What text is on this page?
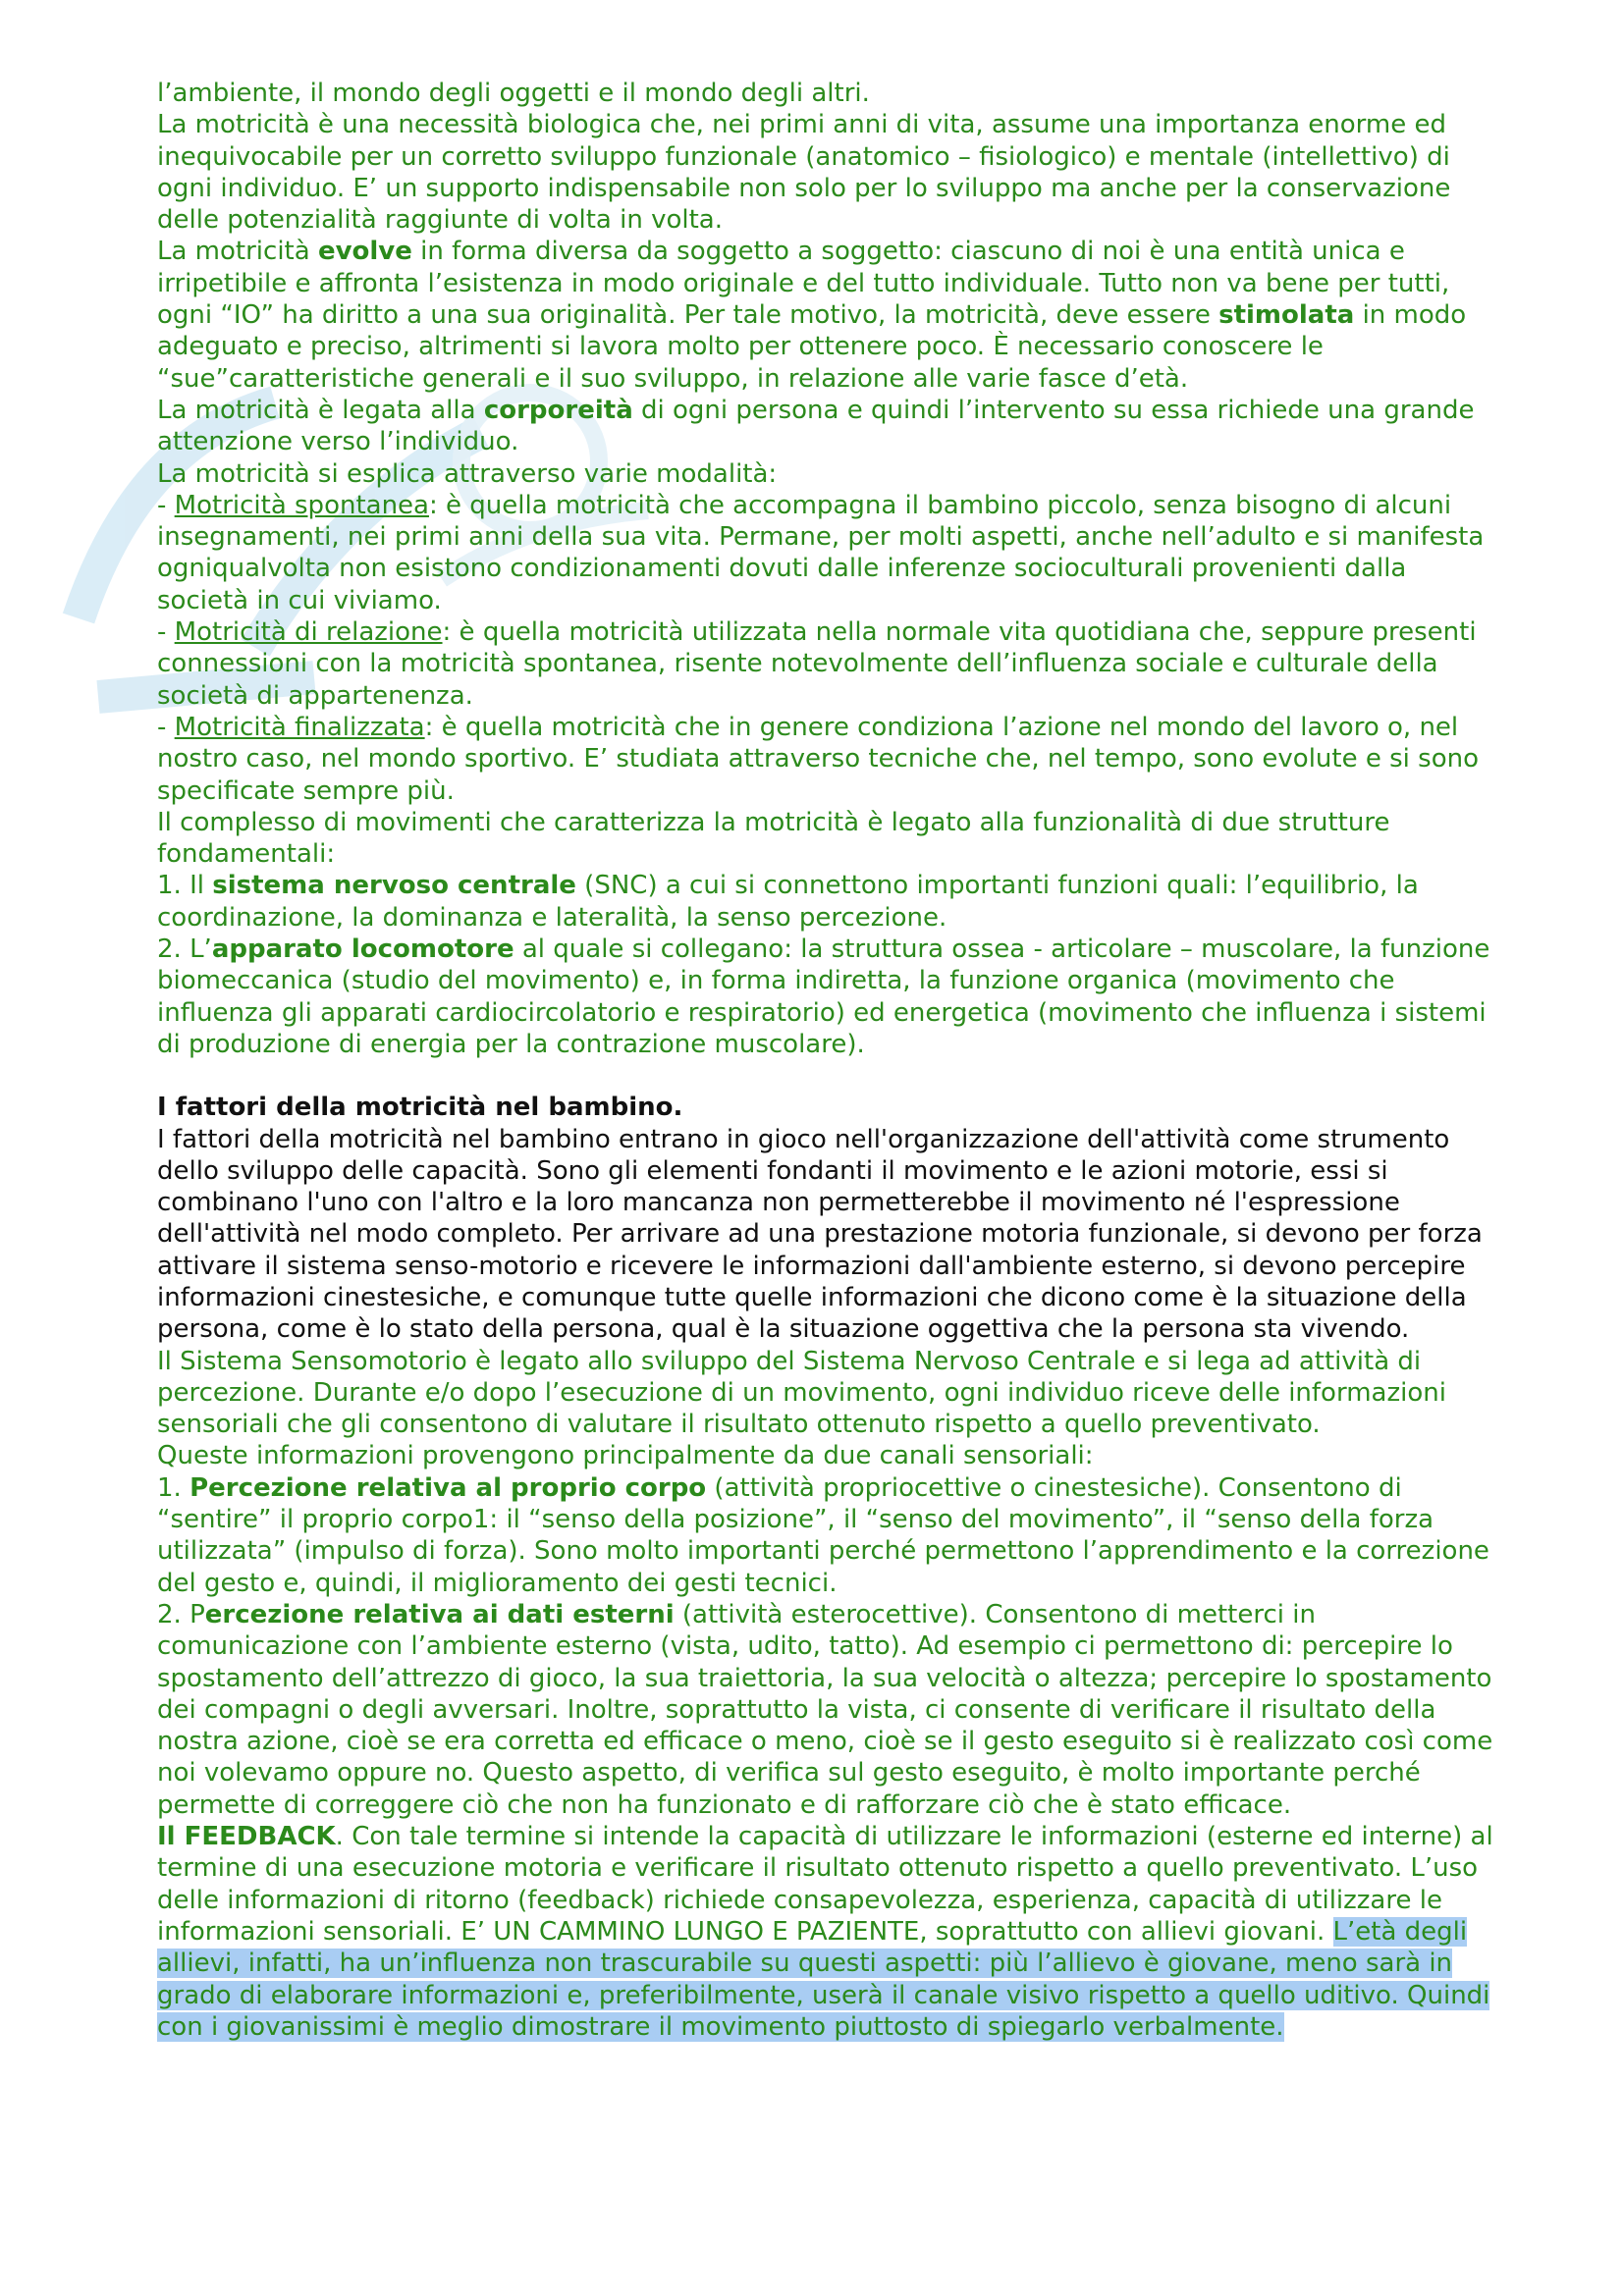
l’ambiente, il mondo degli oggetti e il mondo degli altri.

La motricità è una necessità biologica che, nei primi anni di vita, assume una importanza enorme ed inequivocabile per un corretto sviluppo funzionale (anatomico – fisiologico) e mentale (intellettivo) di ogni individuo. E’ un supporto indispensabile non solo per lo sviluppo ma anche per la conservazione delle potenzialità raggiunte di volta in volta.

La motricità evolve in forma diversa da soggetto a soggetto: ciascuno di noi è una entità unica e irripetibile e affronta l’esistenza in modo originale e del tutto individuale. Tutto non va bene per tutti, ogni “IO” ha diritto a una sua originalità. Per tale motivo, la motricità, deve essere stimolata in modo adeguato e preciso, altrimenti si lavora molto per ottenere poco. È necessario conoscere le “sue”caratteristiche generali e il suo sviluppo, in relazione alle varie fasce d’età.

La motricità è legata alla corporeità di ogni persona e quindi l’intervento su essa richiede una grande attenzione verso l’individuo.

La motricità si esplica attraverso varie modalità:

- Motricità spontanea: è quella motricità che accompagna il bambino piccolo, senza bisogno di alcuni insegnamenti, nei primi anni della sua vita. Permane, per molti aspetti, anche nell’adulto e si manifesta ogniqualvolta non esistono condizionamenti dovuti dalle inferenze socioculturali provenienti dalla società in cui viviamo.

- Motricità di relazione: è quella motricità utilizzata nella normale vita quotidiana che, seppure presenti connessioni con la motricità spontanea, risente notevolmente dell’influenza sociale e culturale della società di appartenenza.

- Motricità finalizzata: è quella motricità che in genere condiziona l’azione nel mondo del lavoro o, nel nostro caso, nel mondo sportivo. E’ studiata attraverso tecniche che, nel tempo, sono evolute e si sono specificate sempre più.

Il complesso di movimenti che caratterizza la motricità è legato alla funzionalità di due strutture fondamentali:

1. Il sistema nervoso centrale (SNC) a cui si connettono importanti funzioni quali: l’equilibrio, la coordinazione, la dominanza e lateralità, la senso percezione.

2. L’apparato locomotore al quale si collegano: la struttura ossea - articolare – muscolare, la funzione biomeccanica (studio del movimento) e, in forma indiretta, la funzione organica (movimento che influenza gli apparati cardiocircolatorio e respiratorio) ed energetica (movimento che influenza i sistemi di produzione di energia per la contrazione muscolare).

I fattori della motricità nel bambino.

I fattori della motricità nel bambino entrano in gioco nell'organizzazione dell'attività come strumento dello sviluppo delle capacità. Sono gli elementi fondanti il movimento e le azioni motorie, essi si combinano l'uno con l'altro e la loro mancanza non permetterebbe il movimento né l'espressione dell'attività nel modo completo. Per arrivare ad una prestazione motoria funzionale, si devono per forza attivare il sistema senso-motorio e ricevere le informazioni dall'ambiente esterno, si devono percepire informazioni cinestesiche, e comunque tutte quelle informazioni che dicono come è la situazione della persona, come è lo stato della persona, qual è la situazione oggettiva che la persona sta vivendo.

Il Sistema Sensomotorio è legato allo sviluppo del Sistema Nervoso Centrale e si lega ad attività di percezione. Durante e/o dopo l’esecuzione di un movimento, ogni individuo riceve delle informazioni sensoriali che gli consentono di valutare il risultato ottenuto rispetto a quello preventivato.

Queste informazioni provengono principalmente da due canali sensoriali:

1. Percezione relativa al proprio corpo (attività propriocettive o cinestesiche). Consentono di “sentire” il proprio corpo1: il “senso della posizione”, il “senso del movimento”, il “senso della forza utilizzata” (impulso di forza). Sono molto importanti perché permettono l’apprendimento e la correzione del gesto e, quindi, il miglioramento dei gesti tecnici.

2. Percezione relativa ai dati esterni (attività esterocettive). Consentono di metterci in comunicazione con l’ambiente esterno (vista, udito, tatto). Ad esempio ci permettono di: percepire lo spostamento dell’attrezzo di gioco, la sua traiettoria, la sua velocità o altezza; percepire lo spostamento dei compagni o degli avversari. Inoltre, soprattutto la vista, ci consente di verificare il risultato della nostra azione, cioè se era corretta ed efficace o meno, cioè se il gesto eseguito si è realizzato così come noi volevamo oppure no. Questo aspetto, di verifica sul gesto eseguito, è molto importante perché permette di correggere ciò che non ha funzionato e di rafforzare ciò che è stato efficace.

Il FEEDBACK. Con tale termine si intende la capacità di utilizzare le informazioni (esterne ed interne) al termine di una esecuzione motoria e verificare il risultato ottenuto rispetto a quello preventivato. L’uso delle informazioni di ritorno (feedback) richiede consapevolezza, esperienza, capacità di utilizzare le informazioni sensoriali. E’ UN CAMMINO LUNGO E PAZIENTE, soprattutto con allievi giovani. L’età degli allievi, infatti, ha un’influenza non trascurabile su questi aspetti: più l’allievo è giovane, meno sarà in grado di elaborare informazioni e, preferibilmente, userà il canale visivo rispetto a quello uditivo. Quindi con i giovanissimi è meglio dimostrare il movimento piuttosto di spiegarlo verbalmente.
